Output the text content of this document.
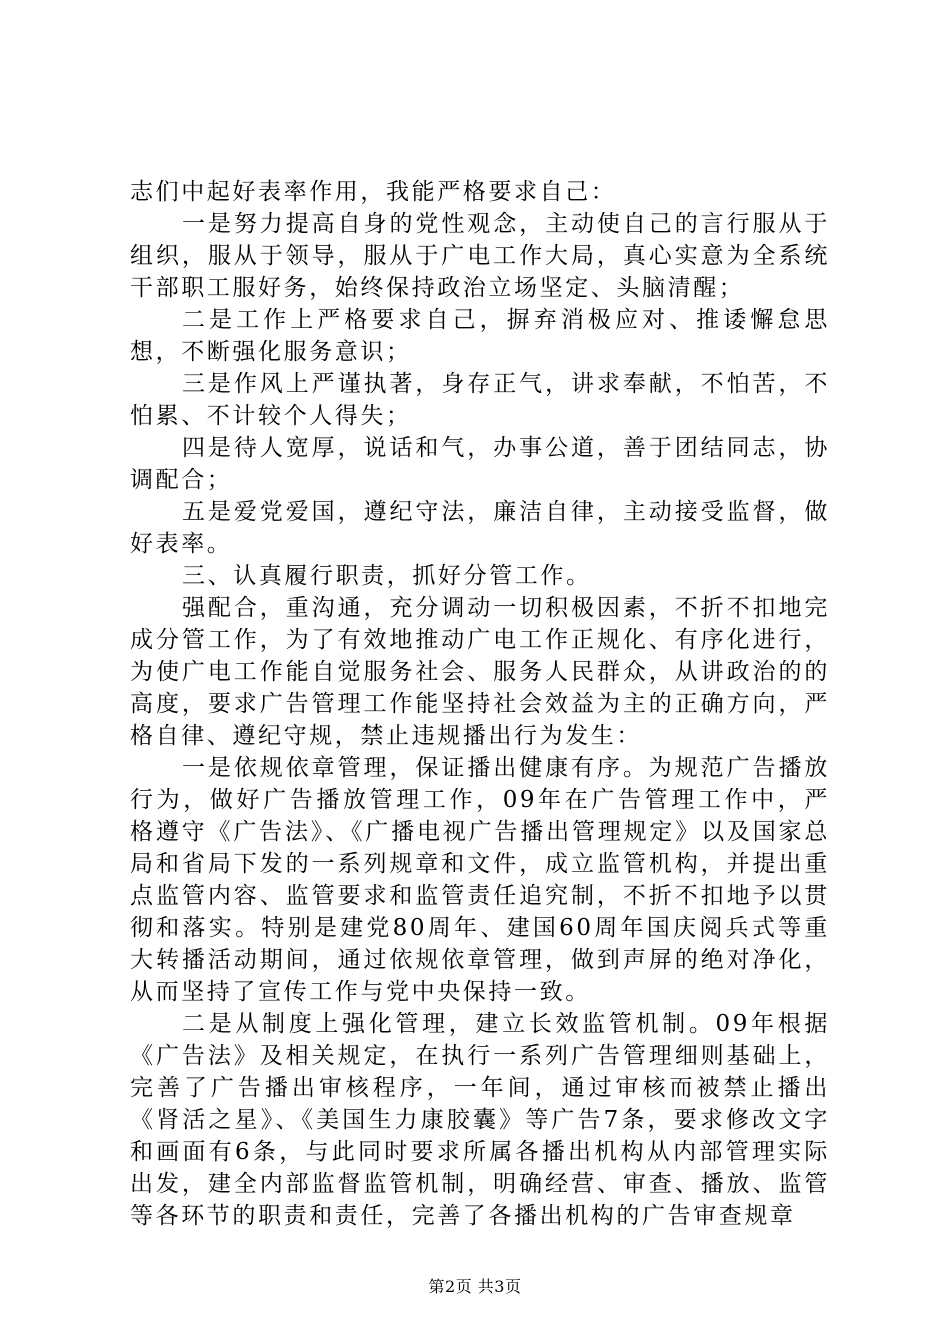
志们中起好表率作用，我能严格要求自己：

一是努力提高自身的党性观念，主动使自己的言行服从于组织，服从于领导，服从于广电工作大局，真心实意为全系统干部职工服好务，始终保持政治立场坚定、头脑清醒；

二是工作上严格要求自己，摒弃消极应对、推诿懈怠思想，不断强化服务意识；

三是作风上严谨执著，身存正气，讲求奉献，不怕苦，不怕累、不计较个人得失；

四是待人宽厚，说话和气，办事公道，善于团结同志，协调配合；

五是爱党爱国，遵纪守法，廉洁自律，主动接受监督，做好表率。

三、认真履行职责，抓好分管工作。

强配合，重沟通，充分调动一切积极因素，不折不扣地完成分管工作，为了有效地推动广电工作正规化、有序化进行，为使广电工作能自觉服务社会、服务人民群众，从讲政治的的高度，要求广告管理工作能坚持社会效益为主的正确方向，严格自律、遵纪守规，禁止违规播出行为发生：

一是依规依章管理，保证播出健康有序。为规范广告播放行为，做好广告播放管理工作，09年在广告管理工作中，严格遵守《广告法》、《广播电视广告播出管理规定》以及国家总局和省局下发的一系列规章和文件，成立监管机构，并提出重点监管内容、监管要求和监管责任追究制，不折不扣地予以贯彻和落实。特别是建党80周年、建国60周年国庆阅兵式等重大转播活动期间，通过依规依章管理，做到声屏的绝对净化，从而坚持了宣传工作与党中央保持一致。

二是从制度上强化管理，建立长效监管机制。09年根据《广告法》及相关规定，在执行一系列广告管理细则基础上，完善了广告播出审核程序，一年间，通过审核而被禁止播出《肾活之星》、《美国生力康胶囊》等广告7条，要求修改文字和画面有6条，与此同时要求所属各播出机构从内部管理实际出发，建全内部监督监管机制，明确经营、审查、播放、监管等各环节的职责和责任，完善了各播出机构的广告审查规章

第2页 共3页
